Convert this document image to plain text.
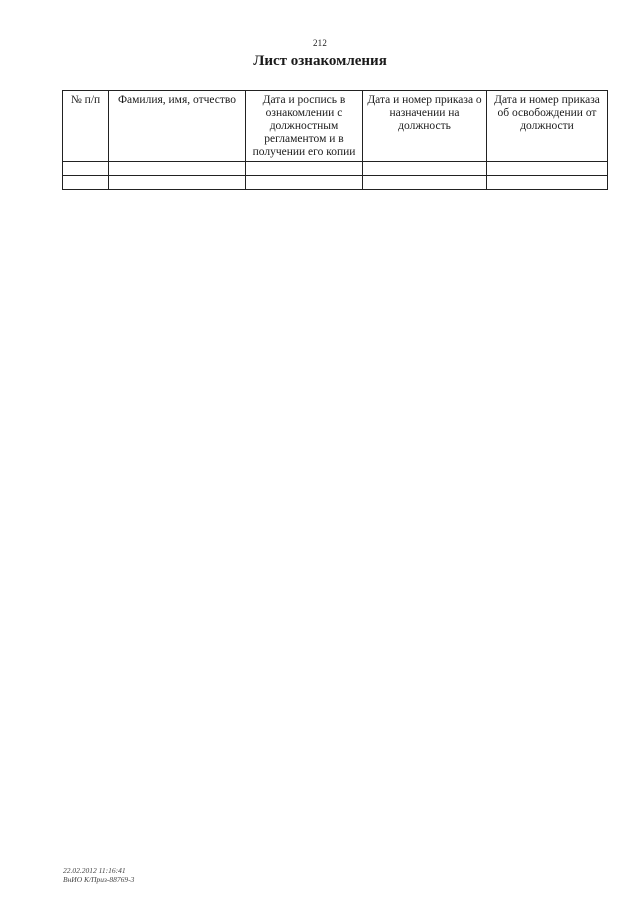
212
Лист ознакомления
№ п/п	Фамилия, имя, отчество	Дата и роспись в ознакомлении с должностным регламентом и в получении его копии	Дата и номер приказа о назначении на должность	Дата и номер приказа об освобождении от должности

22.02.2012 11:16:41
ВнИО К/Приз-88769-3
